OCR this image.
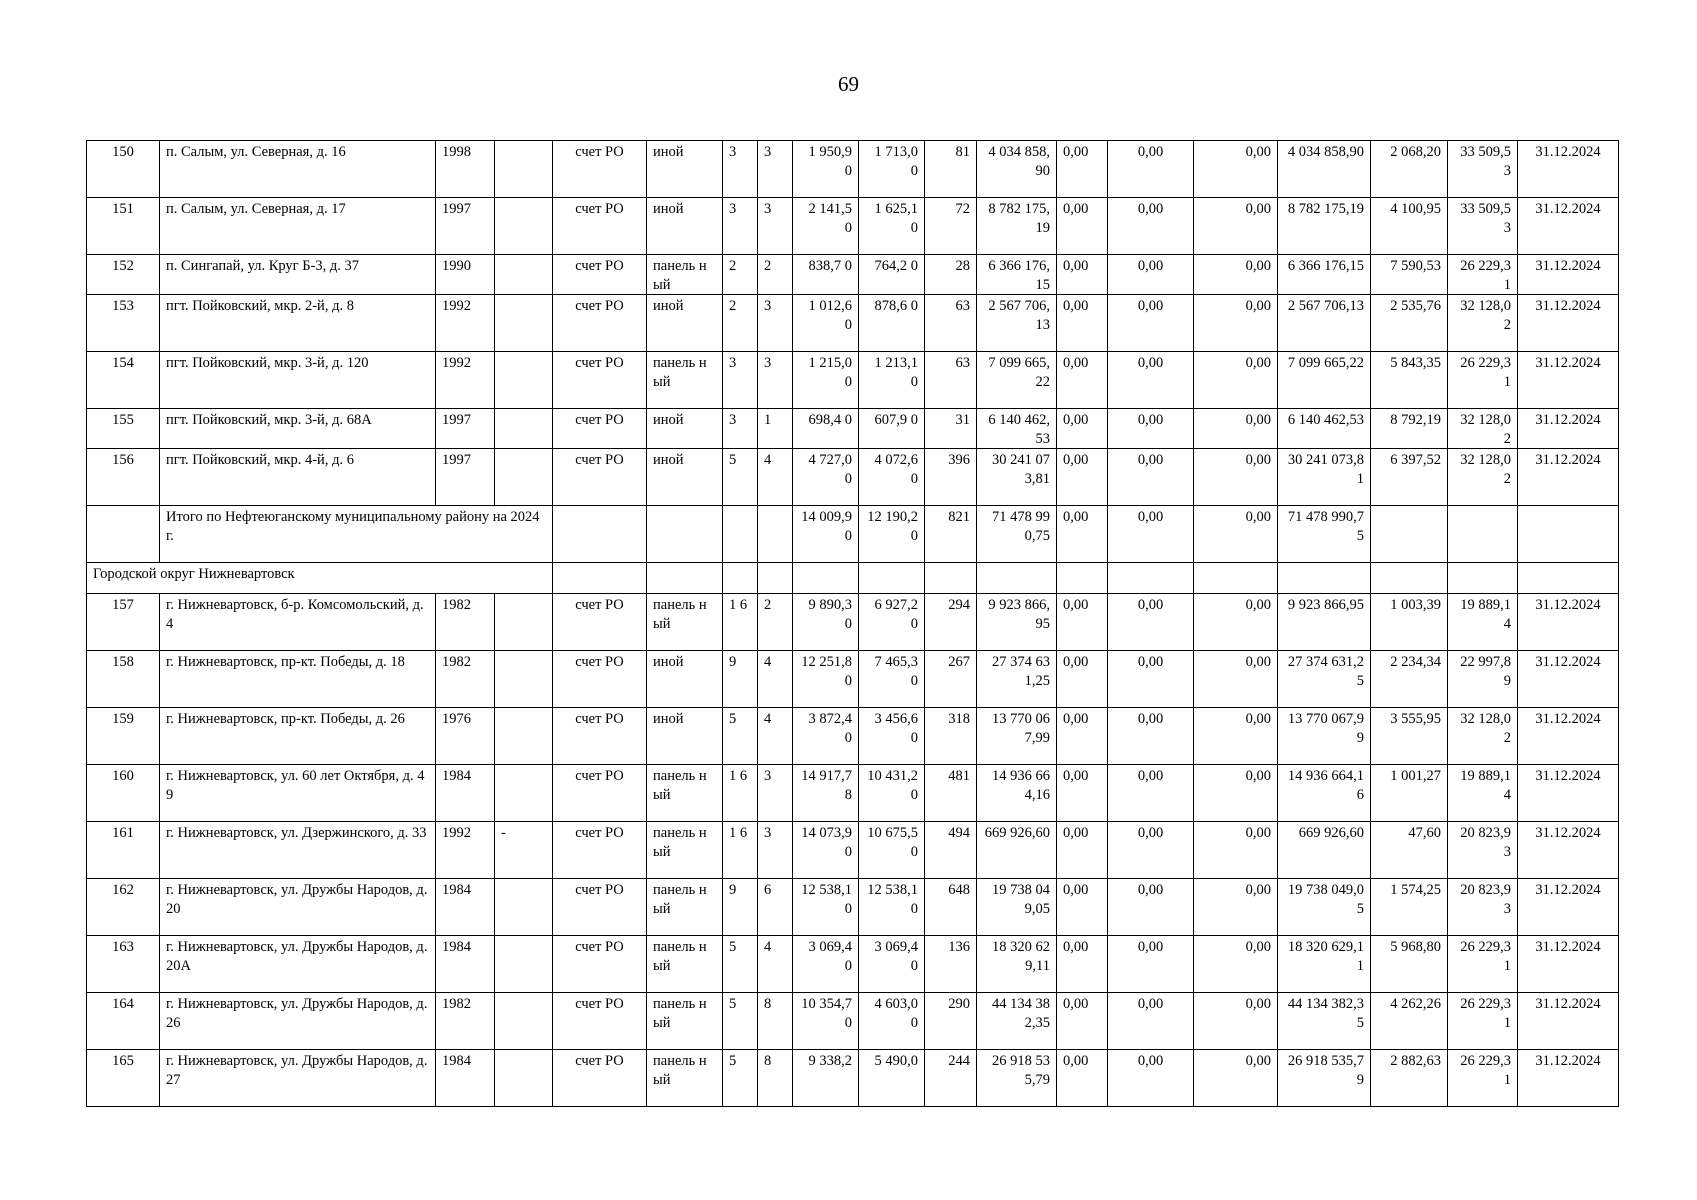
69
150	п. Салым, ул. Северная, д. 16	1998		счет РО	иной	3	3	1 950,9 0	1 713,0 0	81	4 034 858,90	0,00	0,00	0,00	4 034 858,90	2 068,20	33 509,53	31.12.2024
151	п. Салым, ул. Северная, д. 17	1997		счет РО	иной	3	3	2 141,5 0	1 625,1 0	72	8 782 175,19	0,00	0,00	0,00	8 782 175,19	4 100,95	33 509,53	31.12.2024
152	п. Сингапай, ул. Круг Б-3, д. 37	1990		счет РО	панель ный	2	2	838,7 0	764,2 0	28	6 366 176,15	0,00	0,00	0,00	6 366 176,15	7 590,53	26 229,31	31.12.2024
153	пгт. Пойковский, мкр. 2-й, д. 8	1992		счет РО	иной	2	3	1 012,6 0	878,6 0	63	2 567 706,13	0,00	0,00	0,00	2 567 706,13	2 535,76	32 128,02	31.12.2024
154	пгт. Пойковский, мкр. 3-й, д. 120	1992		счет РО	панель ный	3	3	1 215,0 0	1 213,1 0	63	7 099 665,22	0,00	0,00	0,00	7 099 665,22	5 843,35	26 229,31	31.12.2024
155	пгт. Пойковский, мкр. 3-й, д. 68А	1997		счет РО	иной	3	1	698,4 0	607,9 0	31	6 140 462,53	0,00	0,00	0,00	6 140 462,53	8 792,19	32 128,02	31.12.2024
156	пгт. Пойковский, мкр. 4-й, д. 6	1997		счет РО	иной	5	4	4 727,0 0	4 072,6 0	396	30 241 073,81	0,00	0,00	0,00	30 241 073,81	6 397,52	32 128,02	31.12.2024
	Итого по Нефтеюганскому муниципальному району на 2024 г.							14 009,9 0	12 190,2 0	821	71 478 990,75	0,00	0,00	0,00	71 478 990,75			
Городской округ Нижневартовск																		
157	г. Нижневартовск, б-р. Комсомольский, д. 4	1982		счет РО	панель ный	1 6	2	9 890,3 0	6 927,2 0	294	9 923 866,95	0,00	0,00	0,00	9 923 866,95	1 003,39	19 889,14	31.12.2024
158	г. Нижневартовск, пр-кт. Победы, д. 18	1982		счет РО	иной	9	4	12 251,8 0	7 465,3 0	267	27 374 631,25	0,00	0,00	0,00	27 374 631,25	2 234,34	22 997,89	31.12.2024
159	г. Нижневартовск, пр-кт. Победы, д. 26	1976		счет РО	иной	5	4	3 872,4 0	3 456,6 0	318	13 770 067,99	0,00	0,00	0,00	13 770 067,99	3 555,95	32 128,02	31.12.2024
160	г. Нижневартовск, ул. 60 лет Октября, д. 49	1984		счет РО	панель ный	1 6	3	14 917,7 8	10 431,2 0	481	14 936 664,16	0,00	0,00	0,00	14 936 664,16	1 001,27	19 889,14	31.12.2024
161	г. Нижневартовск, ул. Дзержинского, д. 33	1992	-	счет РО	панель ный	1 6	3	14 073,9 0	10 675,5 0	494	669 926,60	0,00	0,00	0,00	669 926,60	47,60	20 823,93	31.12.2024
162	г. Нижневартовск, ул. Дружбы Народов, д. 20	1984		счет РО	панель ный	9	6	12 538,1 0	12 538,1 0	648	19 738 049,05	0,00	0,00	0,00	19 738 049,05	1 574,25	20 823,93	31.12.2024
163	г. Нижневартовск, ул. Дружбы Народов, д. 20А	1984		счет РО	панель ный	5	4	3 069,4 0	3 069,4 0	136	18 320 629,11	0,00	0,00	0,00	18 320 629,11	5 968,80	26 229,31	31.12.2024
164	г. Нижневартовск, ул. Дружбы Народов, д. 26	1982		счет РО	панель ный	5	8	10 354,7 0	4 603,0 0	290	44 134 382,35	0,00	0,00	0,00	44 134 382,35	4 262,26	26 229,31	31.12.2024
165	г. Нижневартовск, ул. Дружбы Народов, д. 27	1984		счет РО	панель ный	5	8	9 338,2	5 490,0	244	26 918 535,79	0,00	0,00	0,00	26 918 535,79	2 882,63	26 229,31	31.12.2024
